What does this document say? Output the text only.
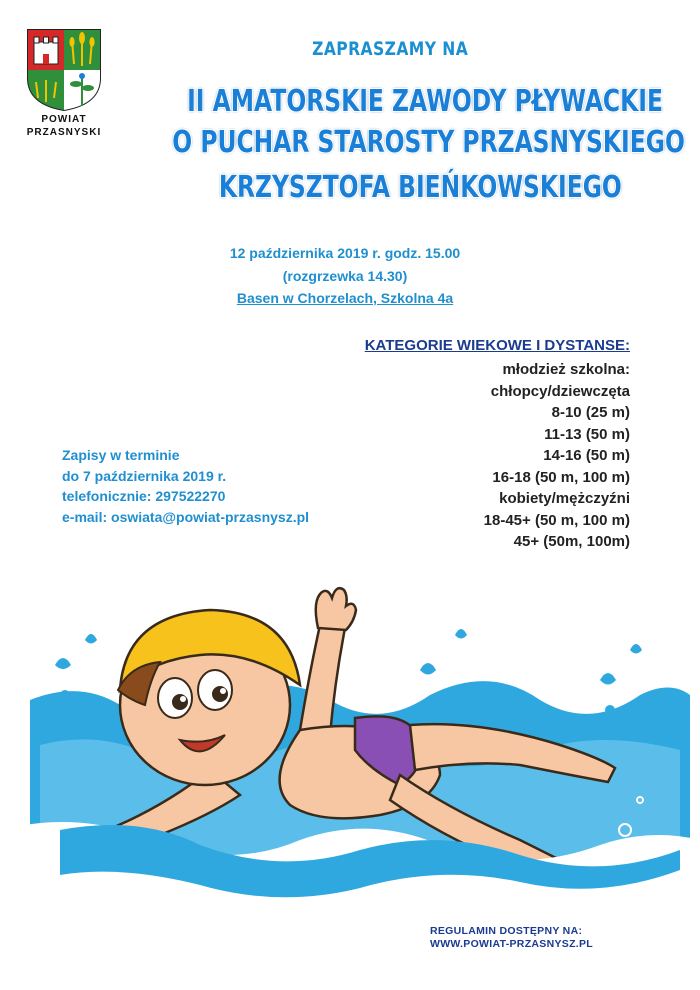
POWIAT PRZASNYSKI
ZAPRASZAMY NA
II AMATORSKIE ZAWODY PŁYWACKIE
O PUCHAR STAROSTY PRZASNYSKIEGO
KRZYSZTOFA BIEŃKOWSKIEGO
12 października 2019 r. godz. 15.00
(rozgrzewka 14.30)
Basen w Chorzelach, Szkolna 4a
KATEGORIE WIEKOWE I DYSTANSE:
młodzież szkolna:
chłopcy/dziewczęta
8-10 (25 m)
11-13 (50 m)
14-16 (50 m)
16-18 (50 m, 100 m)
kobiety/mężczyźni
18-45+ (50 m, 100 m)
45+ (50m, 100m)
Zapisy w terminie
do 7 października 2019 r.
telefonicznie: 297522270
e-mail: oswiata@powiat-przasnysz.pl
REGULAMIN DOSTĘPNY NA:
WWW.POWIAT-PRZASNYSZ.PL
